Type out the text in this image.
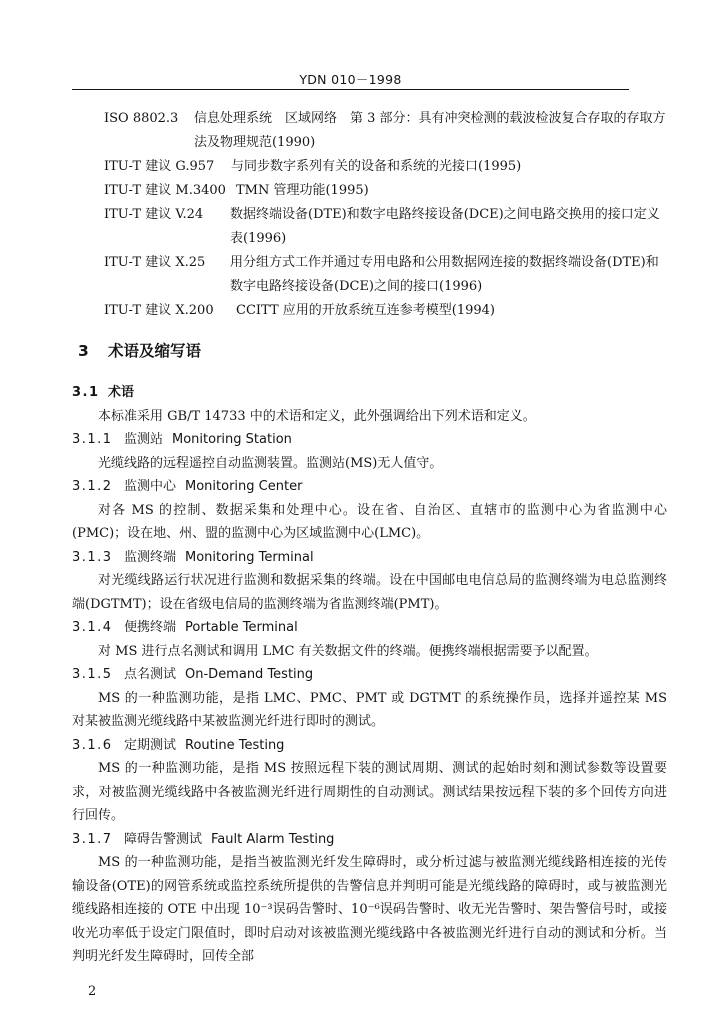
YDN 010－1998
ISO 8802.3	信息处理系统　区域网络　第 3 部分：具有冲突检测的载波检波复合存取的存取方法及物理规范(1990)
ITU-T 建议 G.957	与同步数字系列有关的设备和系统的光接口(1995)
ITU-T 建议 M.3400 TMN 管理功能(1995)
ITU-T 建议 V.24	数据终端设备(DTE)和数字电路终接设备(DCE)之间电路交换用的接口定义表(1996)
ITU-T 建议 X.25	用分组方式工作并通过专用电路和公用数据网连接的数据终端设备(DTE)和数字电路终接设备(DCE)之间的接口(1996)
ITU-T 建议 X.200	CCITT 应用的开放系统互连参考模型(1994)
3 术语及缩写语
3.1 术语

本标准采用 GB/T 14733 中的术语和定义，此外强调给出下列术语和定义。

3.1.1 监测站 Monitoring Station

光缆线路的远程遥控自动监测装置。监测站(MS)无人值守。

3.1.2 监测中心 Monitoring Center

对各 MS 的控制、数据采集和处理中心。设在省、自治区、直辖市的监测中心为省监测中心(PMC)；设在地、州、盟的监测中心为区域监测中心(LMC)。

3.1.3 监测终端 Monitoring Terminal

对光缆线路运行状况进行监测和数据采集的终端。设在中国邮电电信总局的监测终端为电总监测终端(DGTMT)；设在省级电信局的监测终端为省监测终端(PMT)。

3.1.4 便携终端 Portable Terminal

对 MS 进行点名测试和调用 LMC 有关数据文件的终端。便携终端根据需要予以配置。

3.1.5 点名测试 On-Demand Testing

MS 的一种监测功能，是指 LMC、PMC、PMT 或 DGTMT 的系统操作员，选择并遥控某 MS 对某被监测光缆线路中某被监测光纤进行即时的测试。

3.1.6 定期测试 Routine Testing

MS 的一种监测功能，是指 MS 按照远程下装的测试周期、测试的起始时刻和测试参数等设置要求，对被监测光缆线路中各被监测光纤进行周期性的自动测试。测试结果按远程下装的多个回传方向进行回传。

3.1.7 障碍告警测试 Fault Alarm Testing

MS 的一种监测功能，是指当被监测光纤发生障碍时，或分析过滤与被监测光缆线路相连接的光传输设备(OTE)的网管系统或监控系统所提供的告警信息并判明可能是光缆线路的障碍时，或与被监测光缆线路相连接的 OTE 中出现 10⁻³误码告警时、10⁻⁶误码告警时、收无光告警时、架告警信号时，或接收光功率低于设定门限值时，即时启动对该被监测光缆线路中各被监测光纤进行自动的测试和分析。当判明光纤发生障碍时，回传全部

2
